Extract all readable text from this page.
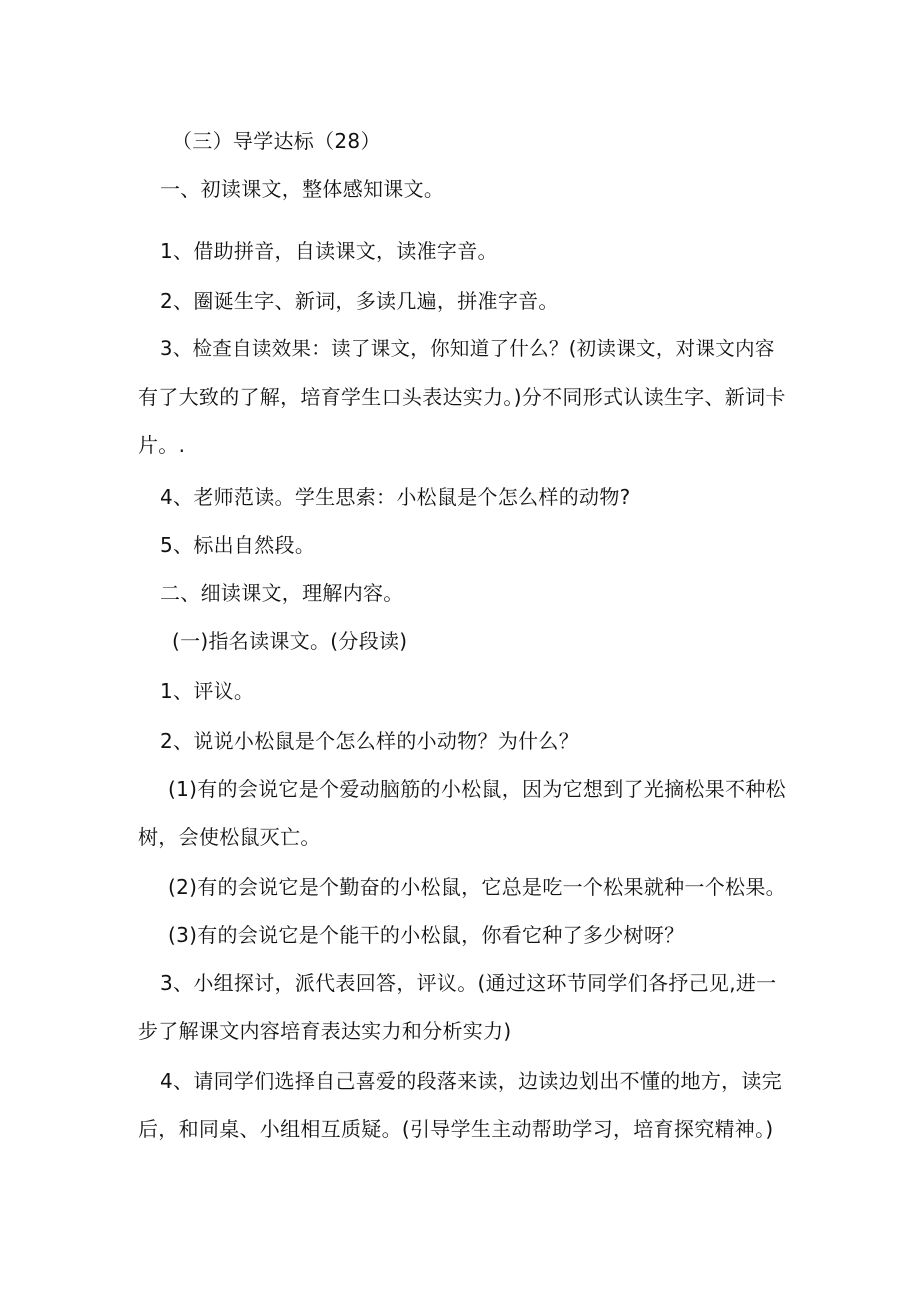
（三）导学达标（28）
一、初读课文，整体感知课文。
1、借助拼音，自读课文，读准字音。
2、圈诞生字、新词，多读几遍，拼准字音。
3、检查自读效果：读了课文，你知道了什么？(初读课文，对课文内容
有了大致的了解，培育学生口头表达实力。)分不同形式认读生字、新词卡
片。.
4、老师范读。学生思索：小松鼠是个怎么样的动物?
5、标出自然段。
二、细读课文，理解内容。
(一)指名读课文。(分段读)
1、评议。
2、说说小松鼠是个怎么样的小动物？为什么？
(1)有的会说它是个爱动脑筋的小松鼠，因为它想到了光摘松果不种松
树，会使松鼠灭亡。
(2)有的会说它是个勤奋的小松鼠，它总是吃一个松果就种一个松果。
(3)有的会说它是个能干的小松鼠，你看它种了多少树呀？
3、小组探讨，派代表回答，评议。(通过这环节同学们各抒己见,进一
步了解课文内容培育表达实力和分析实力)
4、请同学们选择自己喜爱的段落来读，边读边划出不懂的地方，读完
后，和同桌、小组相互质疑。(引导学生主动帮助学习，培育探究精神。)
